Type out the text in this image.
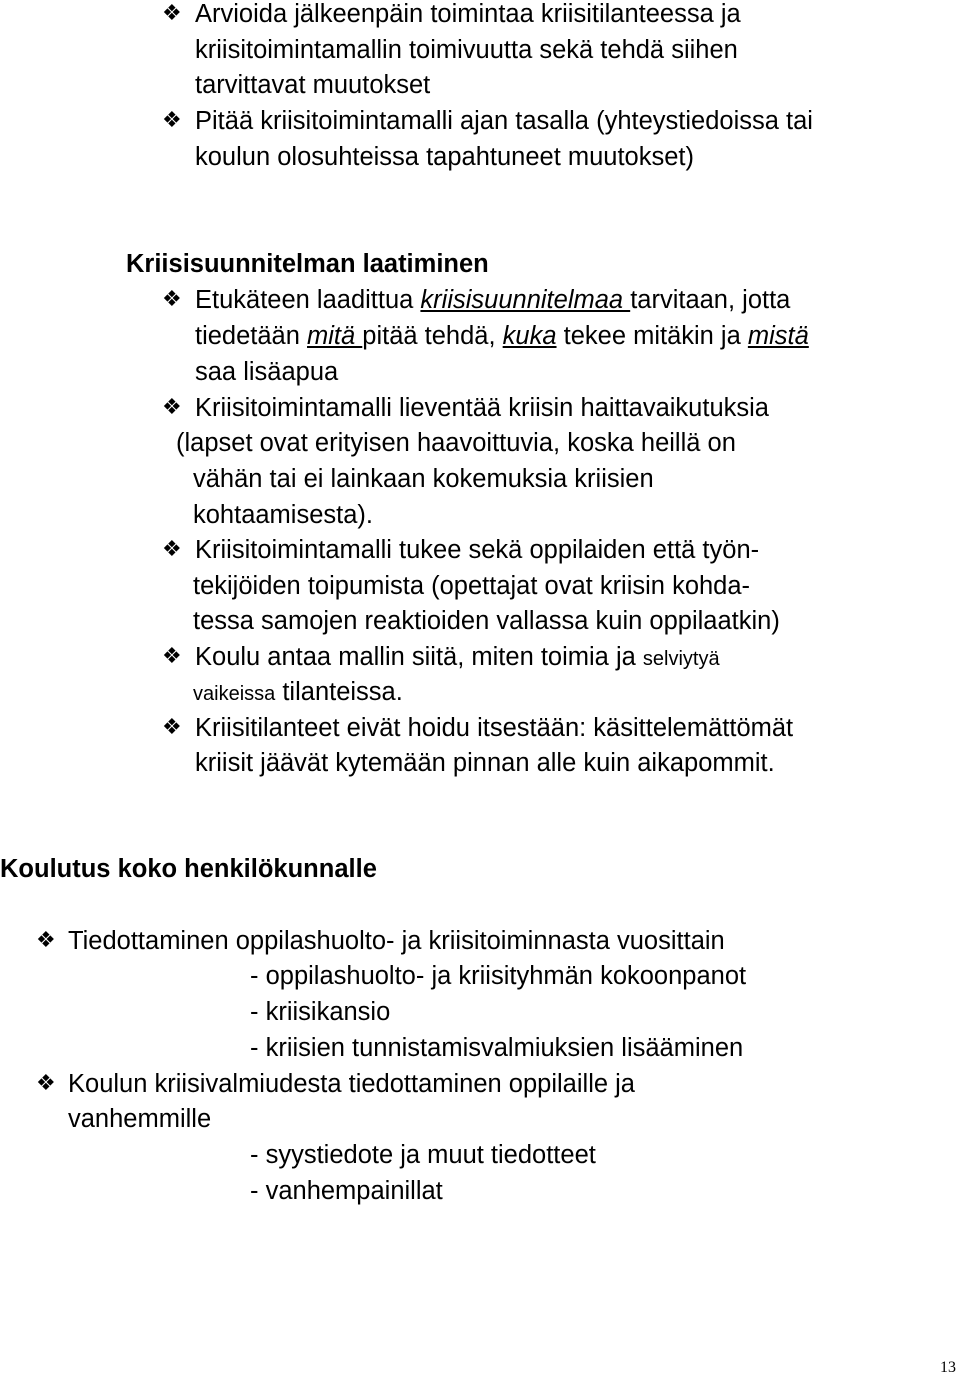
❖ Arvioida jälkeenpäin toimintaa kriisitilanteessa ja
kriisitoimintamallin toimivuutta sekä tehdä siihen
tarvittavat muutokset
❖ Pitää kriisitoimintamalli ajan tasalla (yhteystiedoissa tai
koulun olosuhteissa tapahtuneet muutokset)
Kriisisuunnitelman laatiminen
❖ Etukäteen laadittua kriisisuunnitelmaa tarvitaan, jotta
tiedetään mitä pitää tehdä, kuka tekee mitäkin ja mistä
saa lisäapua
❖ Kriisitoimintamalli lieventää kriisin haittavaikutuksia
(lapset ovat erityisen haavoittuvia, koska heillä on
vähän tai ei lainkaan kokemuksia kriisien
kohtaamisesta).
❖ Kriisitoimintamalli tukee sekä oppilaiden että työn-
tekijöiden toipumista (opettajat ovat kriisin kohda-
tessa samojen reaktioiden vallassa kuin oppilaatkin)
❖ Koulu antaa mallin siitä, miten toimia ja selviytyä
vaikeissa tilanteissa.
❖ Kriisitilanteet eivät hoidu itsestään: käsittelemättömät
kriisit jäävät kytemään pinnan alle kuin aikapommit.
Koulutus koko henkilökunnalle
❖ Tiedottaminen oppilashuolto- ja kriisitoiminnasta vuosittain
- oppilashuolto- ja kriisityhmän kokoonpanot
- kriisikansio
- kriisien tunnistamisvalmiuksien lisääminen
❖ Koulun kriisivalmiudesta tiedottaminen oppilaille ja
vanhemmille
- syystiedote ja muut tiedotteet
- vanhempainillat
13
